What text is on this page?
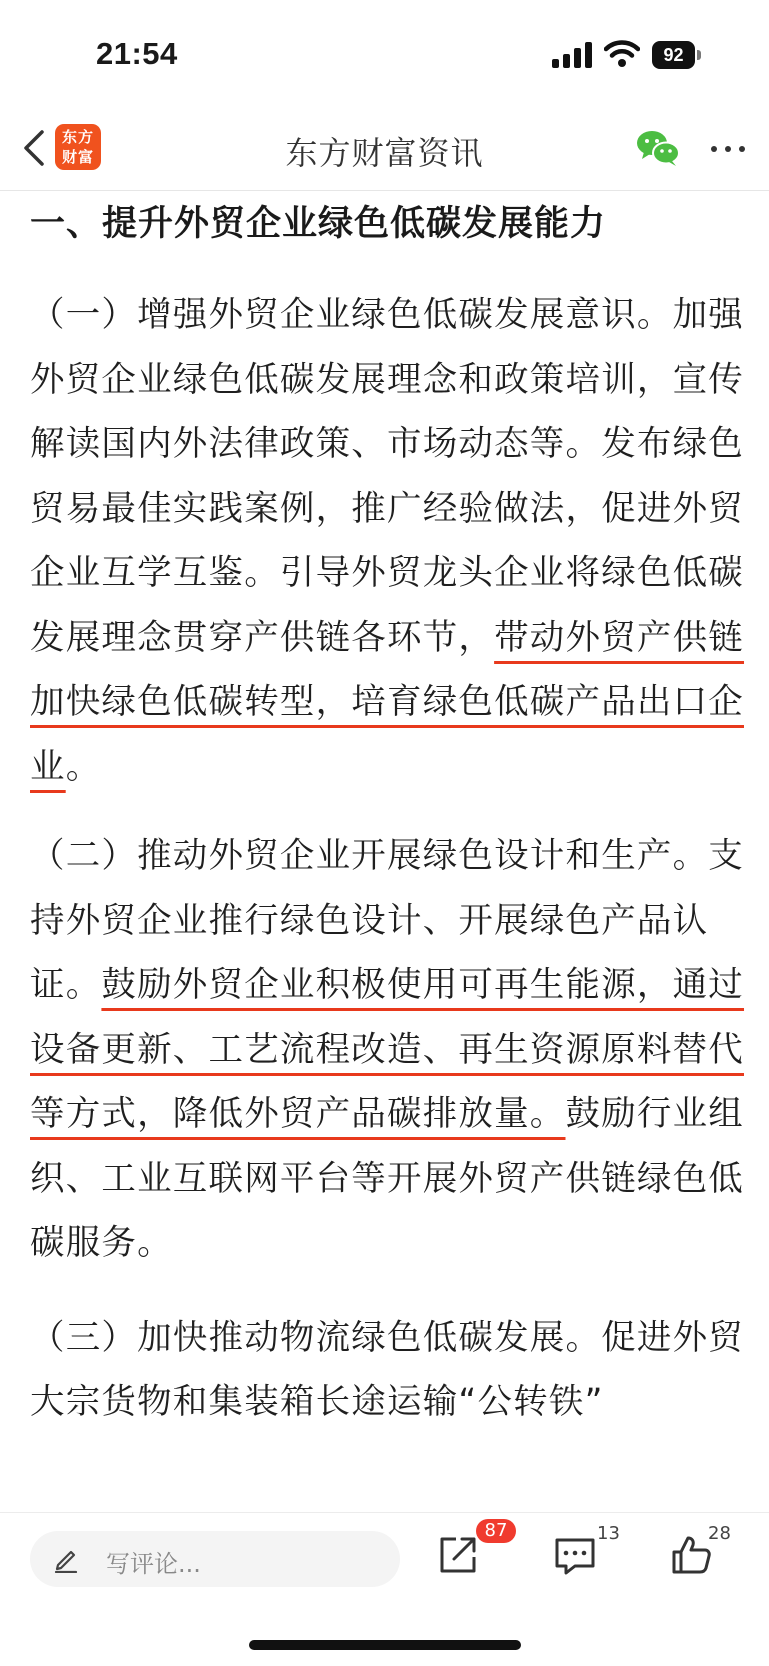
21:54	92
东方
财富	东方财富资讯
一、提升外贸企业绿色低碳发展能力

（一）增强外贸企业绿色低碳发展意识。加强外贸企业绿色低碳发展理念和政策培训，宣传解读国内外法律政策、市场动态等。发布绿色贸易最佳实践案例，推广经验做法，促进外贸企业互学互鉴。引导外贸龙头企业将绿色低碳发展理念贯穿产供链各环节，带动外贸产供链加快绿色低碳转型，培育绿色低碳产品出口企业。

（二）推动外贸企业开展绿色设计和生产。支持外贸企业推行绿色设计、开展绿色产品认证。鼓励外贸企业积极使用可再生能源，通过设备更新、工艺流程改造、再生资源原料替代等方式，降低外贸产品碳排放量。鼓励行业组织、工业互联网平台等开展外贸产供链绿色低碳服务。

（三）加快推动物流绿色低碳发展。促进外贸大宗货物和集装箱长途运输“公转铁”

写评论...
87	13	28
